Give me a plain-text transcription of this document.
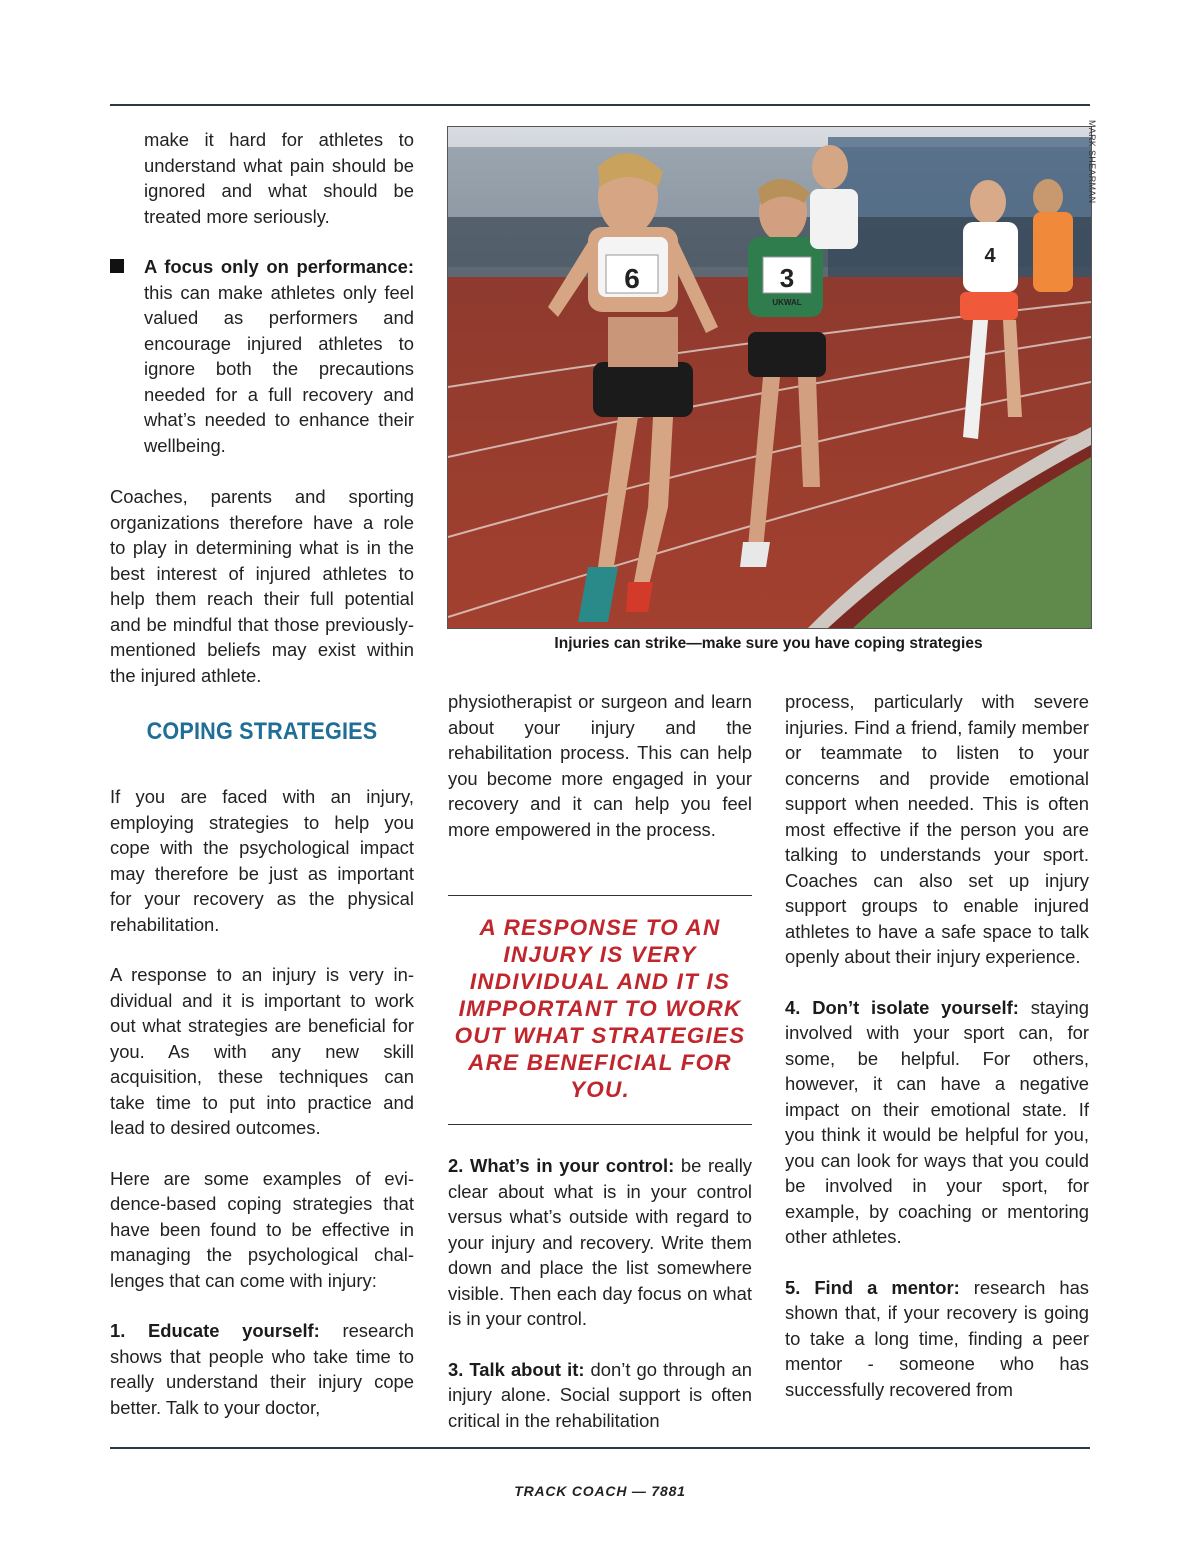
make it hard for athletes to understand what pain should be ignored and what should be treated more seriously.

A focus only on performance: this can make athletes only feel valued as performers and encourage injured athletes to ignore both the precautions needed for a full recovery and what’s needed to enhance their wellbeing.

Coaches, parents and sporting organizations therefore have a role to play in determining what is in the best interest of injured athletes to help them reach their full potential and be mindful that those previously-mentioned beliefs may exist within the injured athlete.

COPING STRATEGIES

If you are faced with an injury, employing strategies to help you cope with the psychological impact may therefore be just as important for your recovery as the physical rehabilitation.

A response to an injury is very individual and it is important to work out what strategies are beneficial for you. As with any new skill acquisition, these techniques can take time to put into practice and lead to desired outcomes.

Here are some examples of evidence-based coping strategies that have been found to be effective in managing the psychological challenges that can come with injury:

1. Educate yourself: research shows that people who take time to really understand their injury cope better. Talk to your doctor,

6	3
UKWAL
4
MARK SHEARMAN
Injuries can strike—make sure you have coping strategies

physiotherapist or surgeon and learn about your injury and the rehabilitation process. This can help you become more engaged in your recovery and it can help you feel more empowered in the process.

A RESPONSE TO AN INJURY IS VERY INDIVIDUAL AND IT IS IMPPORTANT TO WORK OUT WHAT STRATEGIES ARE BENEFICIAL FOR YOU.

2. What’s in your control: be really clear about what is in your control versus what’s outside with regard to your injury and recovery. Write them down and place the list somewhere visible. Then each day focus on what is in your control.

3. Talk about it: don’t go through an injury alone. Social support is often critical in the rehabilitation

process, particularly with severe injuries. Find a friend, family member or teammate to listen to your concerns and provide emotional support when needed. This is often most effective if the person you are talking to understands your sport. Coaches can also set up injury support groups to enable injured athletes to have a safe space to talk openly about their injury experience.

4. Don’t isolate yourself: staying involved with your sport can, for some, be helpful. For others, however, it can have a negative impact on their emotional state. If you think it would be helpful for you, you can look for ways that you could be involved in your sport, for example, by coaching or mentoring other athletes.

5. Find a mentor: research has shown that, if your recovery is going to take a long time, finding a peer mentor - someone who has successfully recovered from

TRACK COACH — 7881
